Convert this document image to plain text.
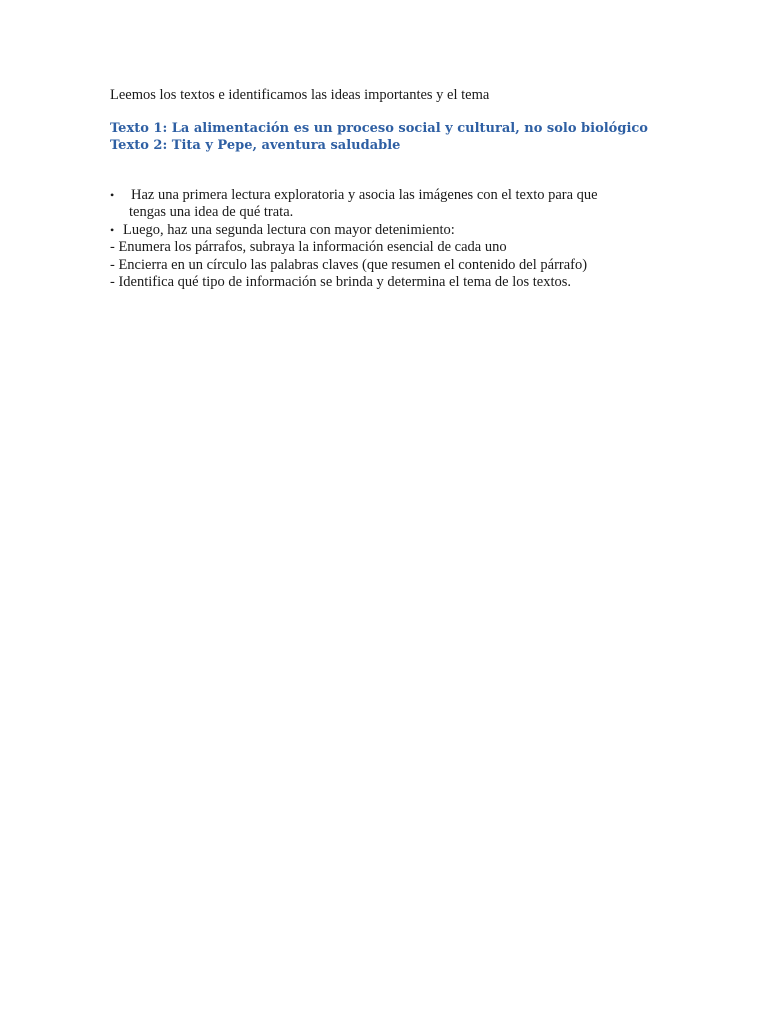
Leemos los textos e identificamos las ideas importantes y el tema

Texto 1: La alimentación es un proceso social y cultural, no solo biológico
Texto 2: Tita y Pepe, aventura saludable
•	Haz una primera lectura exploratoria y asocia las imágenes con el texto para que
tengas una idea de qué trata.
• Luego, haz una segunda lectura con mayor detenimiento:
- Enumera los párrafos, subraya la información esencial de cada uno
- Encierra en un círculo las palabras claves (que resumen el contenido del párrafo)
- Identifica qué tipo de información se brinda y determina el tema de los textos.
